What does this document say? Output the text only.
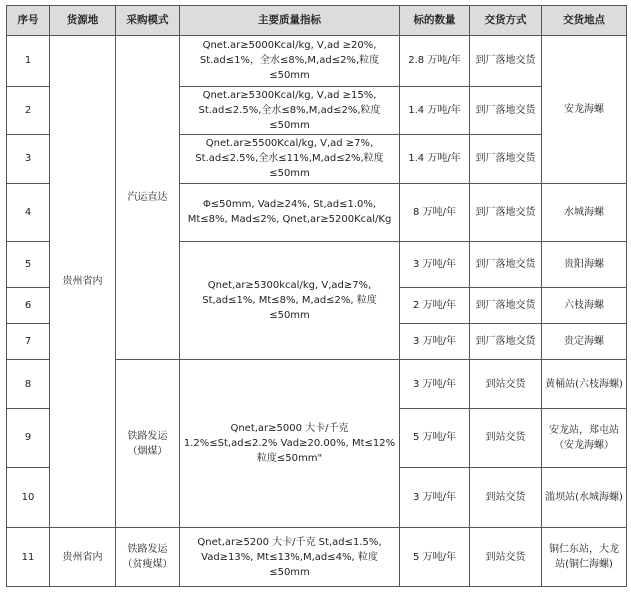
序号	货源地	采购模式	主要质量指标	标的数量	交货方式	交货地点
1	贵州省内	汽运直达	Qnet.ar≥5000Kcal/kg, V,ad ≥20%, St.ad≤1%，全水≤8%,M,ad≤2%,粒度≤50mm	2.8 万吨/年	到厂落地交货	安龙海螺
2			Qnet.ar≥5300Kcal/kg, V,ad ≥15%, St.ad≤2.5%,全水≤8%,M,ad≤2%,粒度≤50mm	1.4 万吨/年	到厂落地交货	
3			Qnet.ar≥5500Kcal/kg, V,ad ≥7%, St.ad≤2.5%,全水≤11%,M,ad≤2%,粒度≤50mm	1.4 万吨/年	到厂落地交货	
4			Φ≤50mm, Vad≥24%, St,ad≤1.0%, Mt≤8%, Mad≤2%, Qnet,ar≥5200Kcal/Kg	8 万吨/年	到厂落地交货	水城海螺
5			Qnet,ar≥5300kcal/kg, V,ad≥7%, St,ad≤1%, Mt≤8%, M,ad≤2%, 粒度≤50mm	3 万吨/年	到厂落地交货	贵阳海螺
6				2 万吨/年	到厂落地交货	六枝海螺
7				3 万吨/年	到厂落地交货	贵定海螺
8		铁路发运（烟煤）	Qnet,ar≥5000 大卡/千克 1.2%≤St,ad≤2.2% Vad≥20.00%, Mt≤12% 粒度≤50mm"	3 万吨/年	到站交货	黄桶站(六枝海螺)
9				5 万吨/年	到站交货	安龙站，郑屯站（安龙海螺）
10				3 万吨/年	到站交货	滥坝站(水城海螺)
11	贵州省内	铁路发运（贫瘦煤）	Qnet,ar≥5200 大卡/千克 St,ad≤1.5%, Vad≥13%, Mt≤13%,M,ad≤4%, 粒度≤50mm	5 万吨/年	到站交货	铜仁东站，大龙站(铜仁海螺)
